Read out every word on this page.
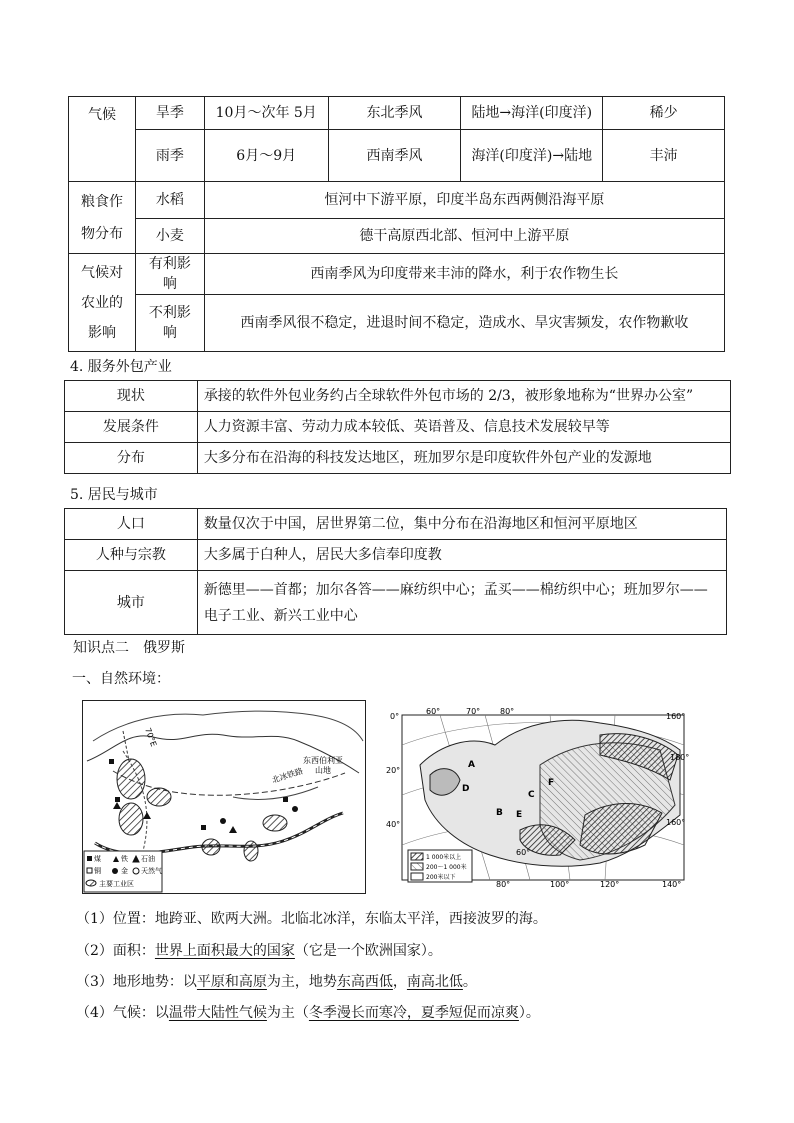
气候	旱季	10月～次年 5月	东北季风	陆地→海洋(印度洋)	稀少
	雨季	6月～9月	西南季风	海洋(印度洋)→陆地	丰沛
粮食作
物分布	水稻	恒河中下游平原，印度半岛东西两侧沿海平原			
	小麦	德干高原西北部、恒河中上游平原			
气候对
农业的
影响	有利影响	西南季风为印度带来丰沛的降水，利于农作物生长			
	不利影响	西南季风很不稳定，进退时间不稳定，造成水、旱灾害频发，农作物歉收			
4. 服务外包产业
现状	承接的软件外包业务约占全球软件外包市场的 2/3，被形象地称为“世界办公室”
发展条件	人力资源丰富、劳动力成本较低、英语普及、信息技术发展较早等
分布	大多分布在沿海的科技发达地区，班加罗尔是印度软件外包产业的发源地
5. 居民与城市
人口	数量仅次于中国，居世界第二位，集中分布在沿海地区和恒河平原地区
人种与宗教	大多属于白种人，居民大多信奉印度教
城市	新德里——首都；加尔各答——麻纺织中心；孟买——棉纺织中心；班加罗尔——
电子工业、新兴工业中心
知识点二　俄罗斯
一、自然环境：
煤	铁 石油
铜	金 天然气
主要工业区
东西伯利亚
山地
北冰铁路
70°E
1 000米以上
200～1 000米
200米以下
60°	70° 80°
0°
20°
40°
160°
180°
160°
80°	100°	120°	140°
60°
A
B
C
D
E
F
（1）位置：地跨亚、欧两大洲。北临北冰洋，东临太平洋，西接波罗的海。
（2）面积：世界上面积最大的国家（它是一个欧洲国家）。
（3）地形地势：以平原和高原为主，地势东高西低，南高北低。
（4）气候：以温带大陆性气候为主（冬季漫长而寒冷，夏季短促而凉爽）。
